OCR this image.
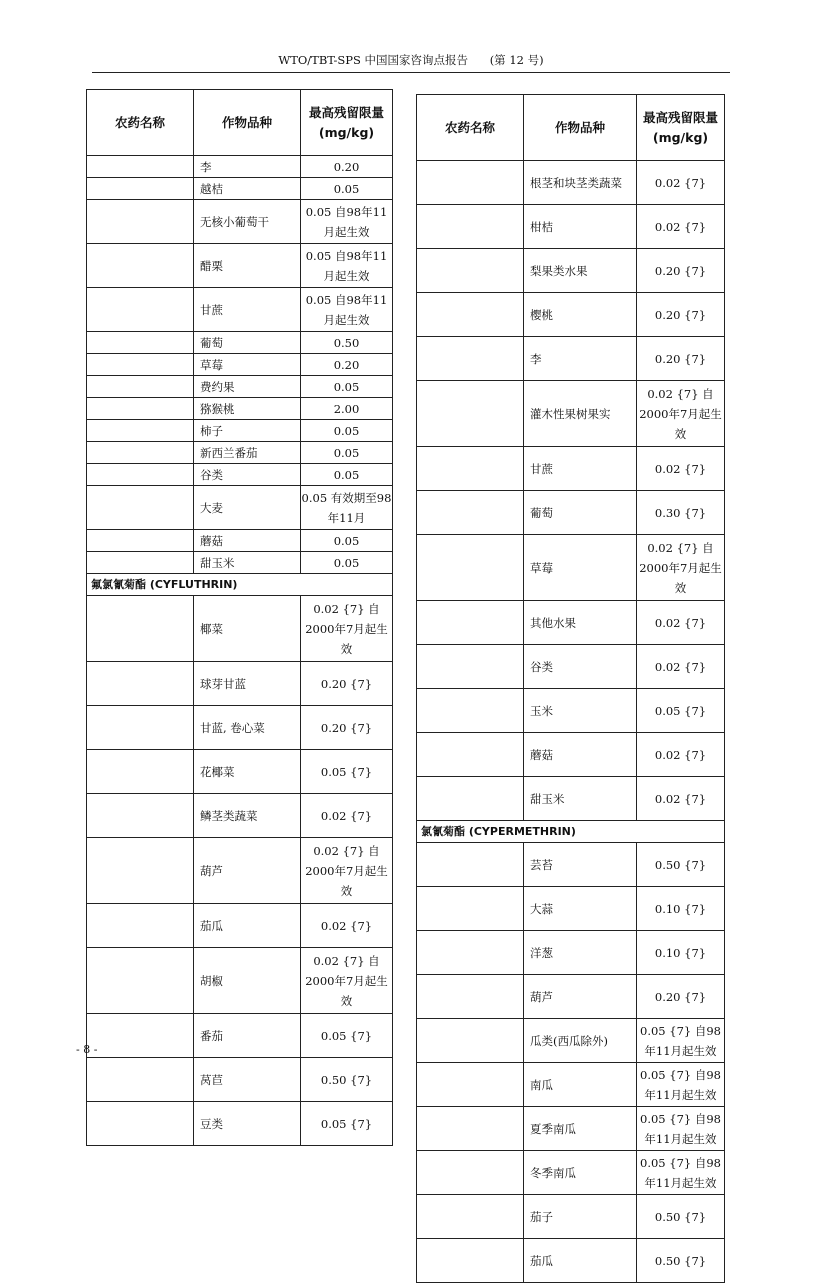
WTO/TBT-SPS 中国国家咨询点报告 (第 12 号)
农药名称	作物品种	最高残留限量 (mg/kg)
	李	0.20
	越桔	0.05
	无核小葡萄干	0.05 自98年11月起生效
	醋栗	0.05 自98年11月起生效
	甘蔗	0.05 自98年11月起生效
	葡萄	0.50
	草莓	0.20
	费约果	0.05
	猕猴桃	2.00
	柿子	0.05
	新西兰番茄	0.05
	谷类	0.05
	大麦	0.05 有效期至98年11月
	蘑菇	0.05
	甜玉米	0.05
氟氯氰菊酯 (CYFLUTHRIN)		
	椰菜	0.02 {7} 自2000年7月起生效
	球芽甘蓝	0.20 {7}
	甘蓝, 卷心菜	0.20 {7}
	花椰菜	0.05 {7}
	鳞茎类蔬菜	0.02 {7}
	葫芦	0.02 {7} 自2000年7月起生效
	茄瓜	0.02 {7}
	胡椒	0.02 {7} 自2000年7月起生效
	番茄	0.05 {7}
	莴苣	0.50 {7}
	豆类	0.05 {7}
农药名称	作物品种	最高残留限量 (mg/kg)
	根茎和块茎类蔬菜	0.02 {7}
	柑桔	0.02 {7}
	梨果类水果	0.20 {7}
	樱桃	0.20 {7}
	李	0.20 {7}
	灌木性果树果实	0.02 {7} 自2000年7月起生效
	甘蔗	0.02 {7}
	葡萄	0.30 {7}
	草莓	0.02 {7} 自2000年7月起生效
	其他水果	0.02 {7}
	谷类	0.02 {7}
	玉米	0.05 {7}
	蘑菇	0.02 {7}
	甜玉米	0.02 {7}
氯氰菊酯 (CYPERMETHRIN)		
	芸苔	0.50 {7}
	大蒜	0.10 {7}
	洋葱	0.10 {7}
	葫芦	0.20 {7}
	瓜类(西瓜除外)	0.05 {7} 自98年11月起生效
	南瓜	0.05 {7} 自98年11月起生效
	夏季南瓜	0.05 {7} 自98年11月起生效
	冬季南瓜	0.05 {7} 自98年11月起生效
	茄子	0.50 {7}
	茄瓜	0.50 {7}
- 8 -
